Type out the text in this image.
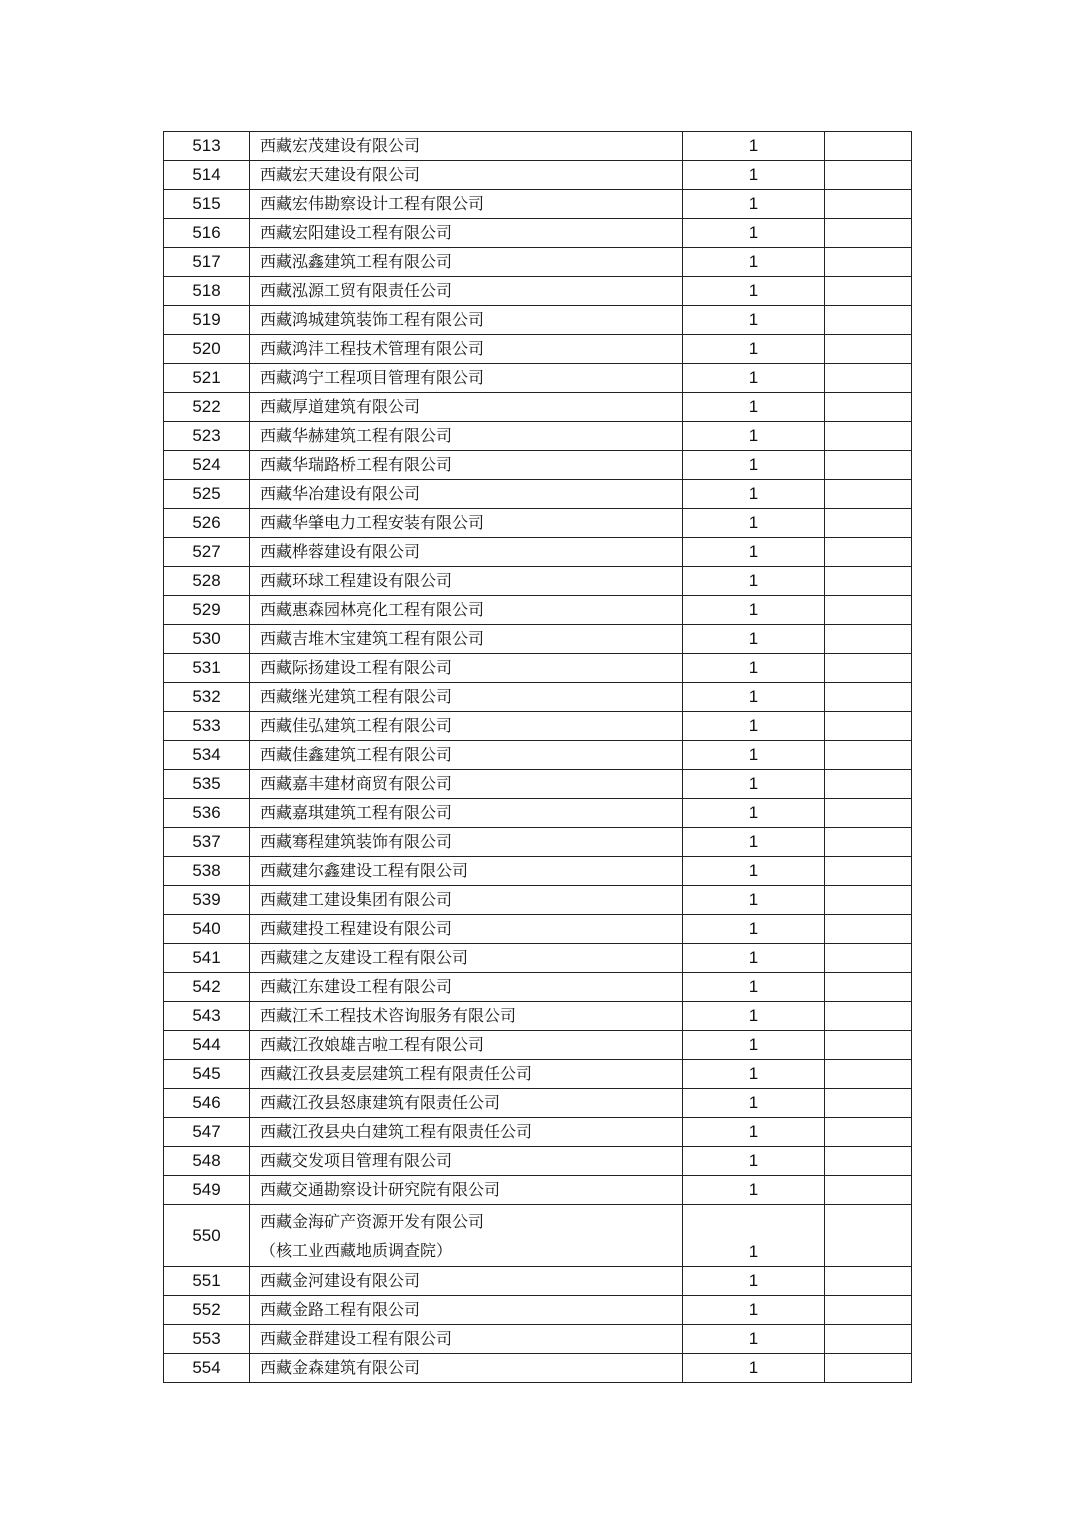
513	西藏宏茂建设有限公司	1	
514	西藏宏天建设有限公司	1	
515	西藏宏伟勘察设计工程有限公司	1	
516	西藏宏阳建设工程有限公司	1	
517	西藏泓鑫建筑工程有限公司	1	
518	西藏泓源工贸有限责任公司	1	
519	西藏鸿城建筑装饰工程有限公司	1	
520	西藏鸿沣工程技术管理有限公司	1	
521	西藏鸿宁工程项目管理有限公司	1	
522	西藏厚道建筑有限公司	1	
523	西藏华赫建筑工程有限公司	1	
524	西藏华瑞路桥工程有限公司	1	
525	西藏华冶建设有限公司	1	
526	西藏华肇电力工程安装有限公司	1	
527	西藏桦蓉建设有限公司	1	
528	西藏环球工程建设有限公司	1	
529	西藏惠森园林亮化工程有限公司	1	
530	西藏吉堆木宝建筑工程有限公司	1	
531	西藏际扬建设工程有限公司	1	
532	西藏继光建筑工程有限公司	1	
533	西藏佳弘建筑工程有限公司	1	
534	西藏佳鑫建筑工程有限公司	1	
535	西藏嘉丰建材商贸有限公司	1	
536	西藏嘉琪建筑工程有限公司	1	
537	西藏骞程建筑装饰有限公司	1	
538	西藏建尔鑫建设工程有限公司	1	
539	西藏建工建设集团有限公司	1	
540	西藏建投工程建设有限公司	1	
541	西藏建之友建设工程有限公司	1	
542	西藏江东建设工程有限公司	1	
543	西藏江禾工程技术咨询服务有限公司	1	
544	西藏江孜娘雄吉啦工程有限公司	1	
545	西藏江孜县麦层建筑工程有限责任公司	1	
546	西藏江孜县怒康建筑有限责任公司	1	
547	西藏江孜县央白建筑工程有限责任公司	1	
548	西藏交发项目管理有限公司	1	
549	西藏交通勘察设计研究院有限公司	1	
550	西藏金海矿产资源开发有限公司
（核工业西藏地质调查院）	1	
551	西藏金河建设有限公司	1	
552	西藏金路工程有限公司	1	
553	西藏金群建设工程有限公司	1	
554	西藏金森建筑有限公司	1	
